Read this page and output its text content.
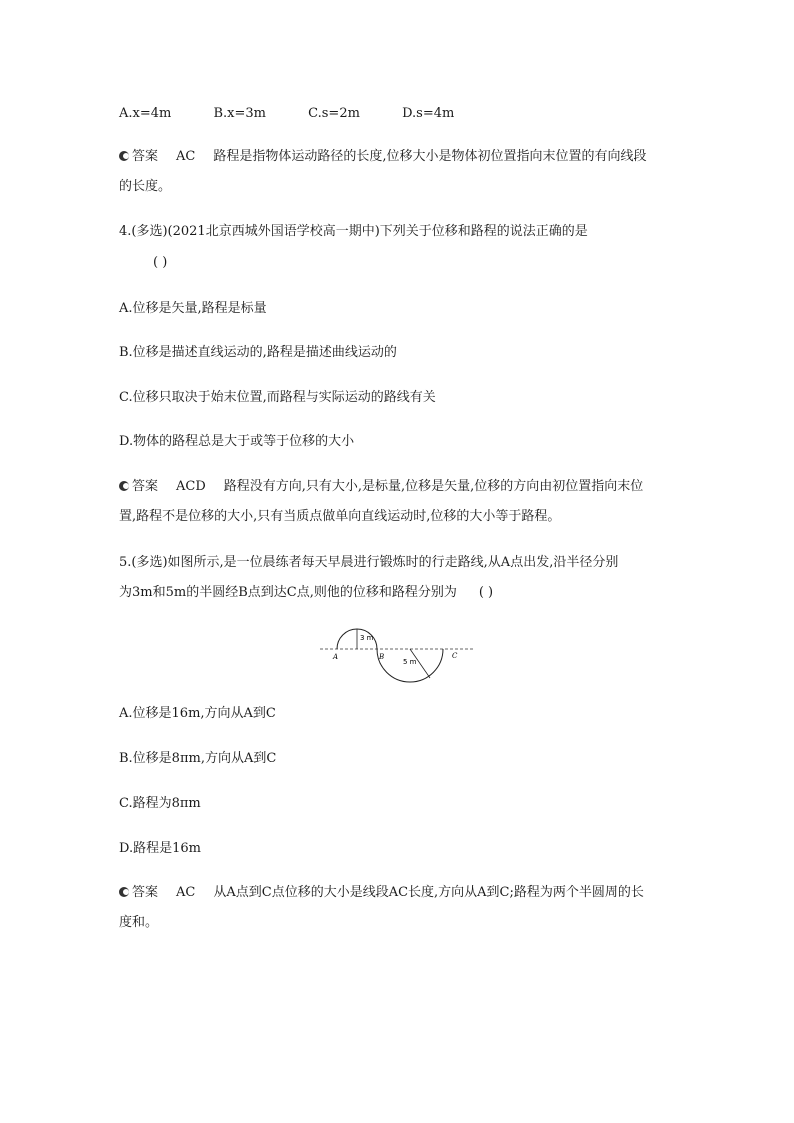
A.x=4m	B.x=3m	C.s=2m	D.s=4m
答案 AC 路程是指物体运动路径的长度,位移大小是物体初位置指向末位置的有向线段
的长度。
4.(多选)(2021北京西城外国语学校高一期中)下列关于位移和路程的说法正确的是
( )
A.位移是矢量,路程是标量
B.位移是描述直线运动的,路程是描述曲线运动的
C.位移只取决于始末位置,而路程与实际运动的路线有关
D.物体的路程总是大于或等于位移的大小
答案 ACD 路程没有方向,只有大小,是标量,位移是矢量,位移的方向由初位置指向末位
置,路程不是位移的大小,只有当质点做单向直线运动时,位移的大小等于路程。
5.(多选)如图所示,是一位晨练者每天早晨进行锻炼时的行走路线,从A点出发,沿半径分别
为3m和5m的半圆经B点到达C点,则他的位移和路程分别为 ( )
3 m
5 m
A	B	C
A.位移是16m,方向从A到C
B.位移是8πm,方向从A到C
C.路程为8πm
D.路程是16m
答案 AC 从A点到C点位移的大小是线段AC长度,方向从A到C;路程为两个半圆周的长
度和。
